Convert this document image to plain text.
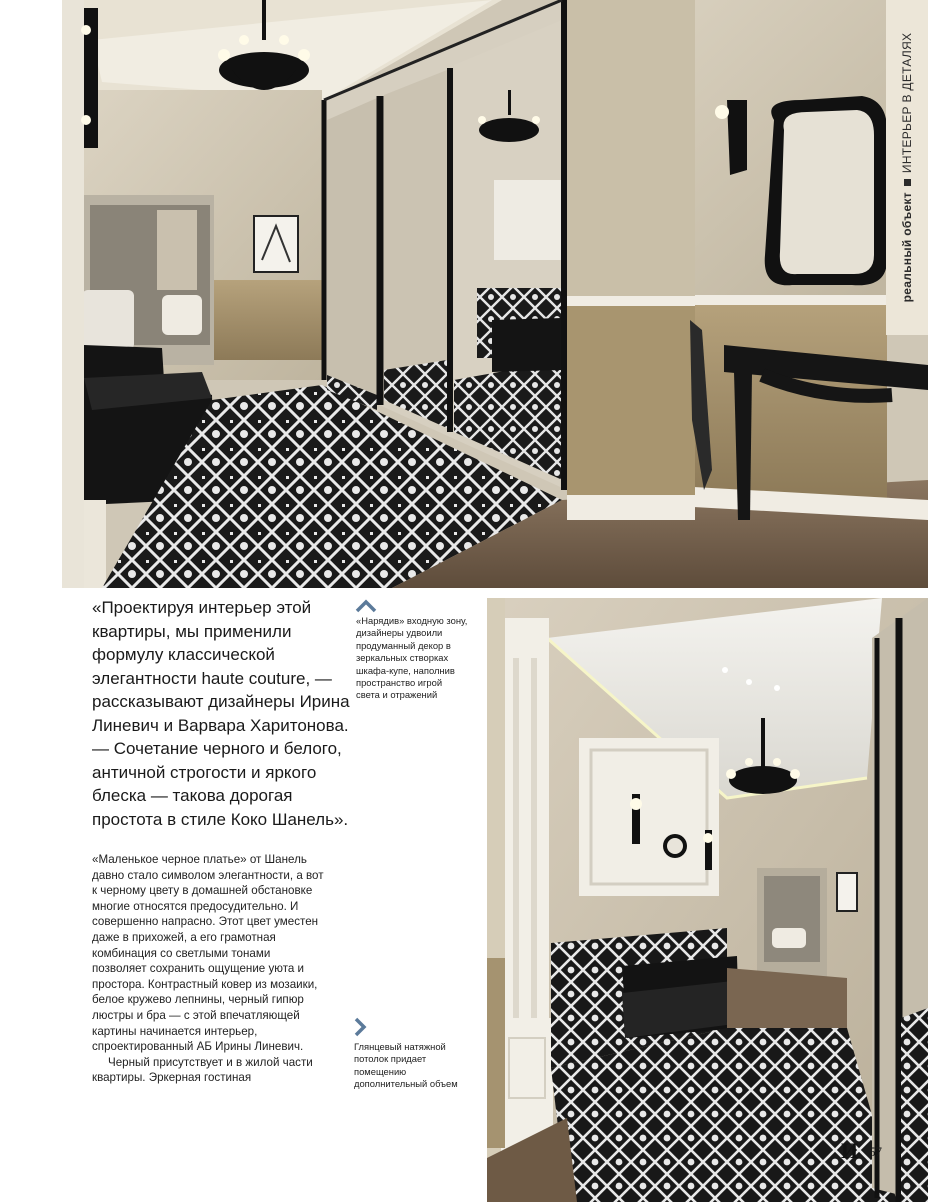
реальный объект
ИНТЕРЬЕР В ДЕТАЛЯХ
«Проектируя интерьер этой квартиры, мы применили формулу классической элегантности haute couture, — рассказывают дизайнеры Ирина Линевич и Варвара Харитонова. — Сочетание черного и белого, античной строгости и яркого блеска — такова дорогая простота в стиле Коко Шанель».

«Маленькое черное платье» от Шанель давно стало символом элегантности, а вот к черному цвету в домашней обстановке многие относятся предосудительно. И совершенно напрасно. Этот цвет уместен даже в прихожей, а его грамотная комбинация со светлыми тонами позволяет сохранить ощущение уюта и простора. Контрастный ковер из мозаики, белое кружево лепнины, черный гипюр люстры и бра — с этой впечатляющей картины начинается интерьер, спроектированный АБ Ирины Линевич.

Черный присутствует и в жилой части квартиры. Эркерная гостиная

«Нарядив» входную зону, дизайнеры удвоили продуманный декор в зеркальных створках шкафа-купе, наполнив пространство игрой света и отражений
Глянцевый натяжной потолок придает помещению дополнительный объем
И 57
